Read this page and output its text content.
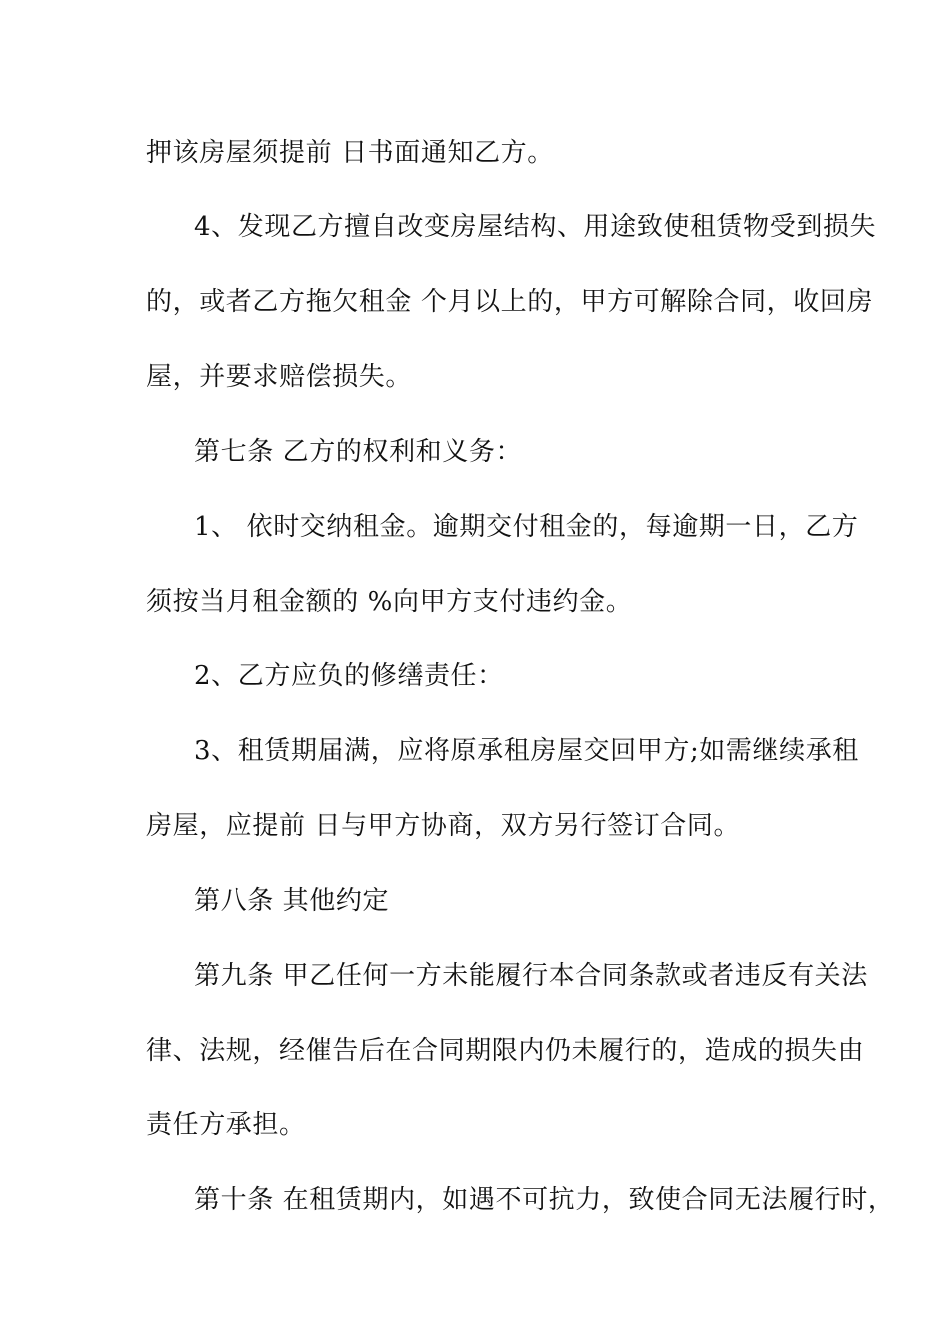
押该房屋须提前 日书面通知乙方。
4、发现乙方擅自改变房屋结构、用途致使租赁物受到损失
的，或者乙方拖欠租金 个月以上的，甲方可解除合同，收回房
屋，并要求赔偿损失。
第七条 乙方的权利和义务：
1、 依时交纳租金。逾期交付租金的，每逾期一日，乙方
须按当月租金额的 %向甲方支付违约金。
2、乙方应负的修缮责任：
3、租赁期届满，应将原承租房屋交回甲方;如需继续承租
房屋，应提前 日与甲方协商，双方另行签订合同。
第八条 其他约定
第九条 甲乙任何一方未能履行本合同条款或者违反有关法
律、法规，经催告后在合同期限内仍未履行的，造成的损失由
责任方承担。
第十条 在租赁期内，如遇不可抗力，致使合同无法履行时，
